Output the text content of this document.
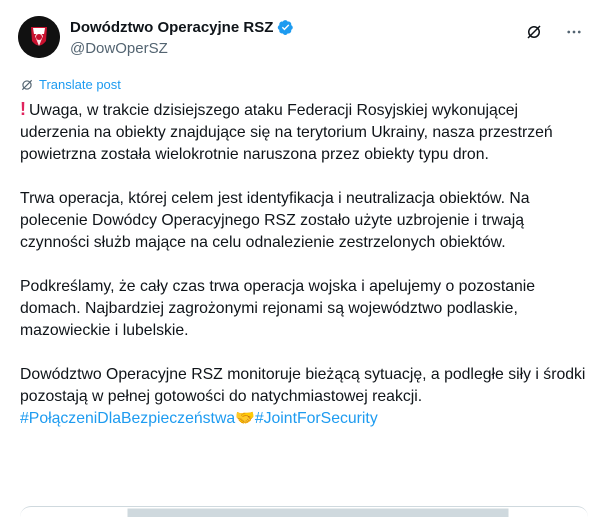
Dowództwo Operacyjne RSZ
@DowOperSZ
Translate post

! Uwaga, w trakcie dzisiejszego ataku Federacji Rosyjskiej wykonującej uderzenia na obiekty znajdujące się na terytorium Ukrainy, nasza przestrzeń powietrzna została wielokrotnie naruszona przez obiekty typu dron.

Trwa operacja, której celem jest identyfikacja i neutralizacja obiektów. Na polecenie Dowódcy Operacyjnego RSZ zostało użyte uzbrojenie i trwają czynności służb mające na celu odnalezienie zestrzelonych obiektów.

Podkreślamy, że cały czas trwa operacja wojska i apelujemy o pozostanie domach. Najbardziej zagrożonymi rejonami są województwo podlaskie, mazowieckie i lubelskie.

Dowództwo Operacyjne RSZ monitoruje bieżącą sytuację, a podległe siły i środki pozostają w pełnej gotowości do natychmiastowej reakcji.
#PołączeniDlaBezpieczeństwa🤝#JointForSecurity
